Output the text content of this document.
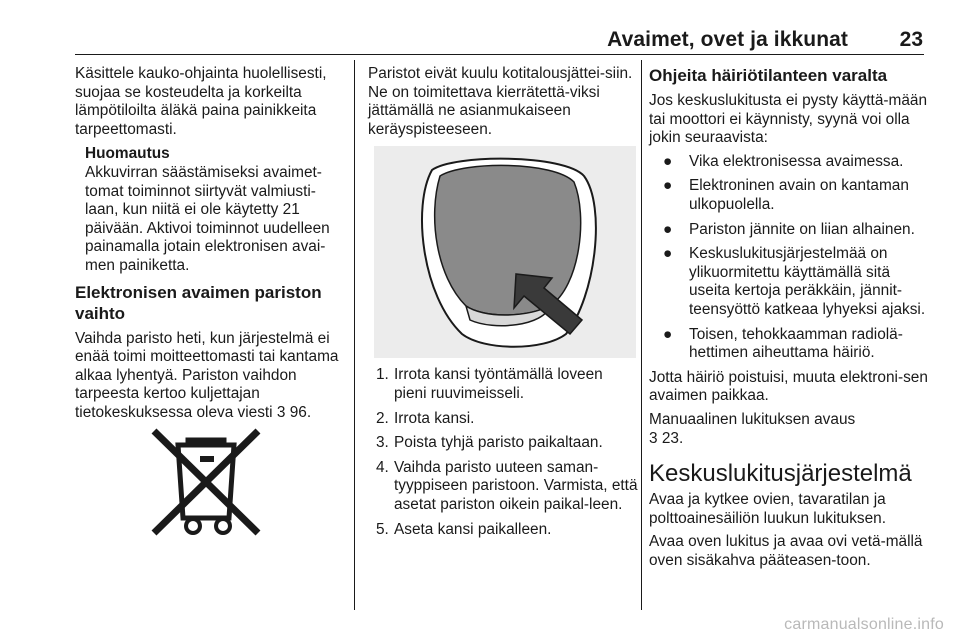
Avaimet, ovet ja ikkunat 23

Käsittele kauko-ohjainta huolellisesti, suojaa se kosteudelta ja korkeilta lämpötiloilta äläkä paina painikkeita tarpeettomasti.

Huomautus
Akkuvirran säästämiseksi avaimet-tomat toiminnot siirtyvät valmiusti-laan, kun niitä ei ole käytetty 21 päivään. Aktivoi toiminnot uudelleen painamalla jotain elektronisen avai-men painiketta.
Elektronisen avaimen pariston vaihto

Vaihda paristo heti, kun järjestelmä ei enää toimi moitteettomasti tai kantama alkaa lyhentyä. Pariston vaihdon tarpeesta kertoo kuljettajan tietokeskuksessa oleva viesti 3 96.

Paristot eivät kuulu kotitalousjättei-siin. Ne on toimitettava kierrätettä-viksi jättämällä ne asianmukaiseen keräyspisteeseen.

1. Irrota kansi työntämällä loveen pieni ruuvimeisseli.
2. Irrota kansi.
3. Poista tyhjä paristo paikaltaan.
4. Vaihda paristo uuteen saman-tyyppiseen paristoon. Varmista, että asetat pariston oikein paikal-leen.
5. Aseta kansi paikalleen.
Ohjeita häiriötilanteen varalta

Jos keskuslukitusta ei pysty käyttä-mään tai moottori ei käynnisty, syynä voi olla jokin seuraavista:

● Vika elektronisessa avaimessa.
● Elektroninen avain on kantaman ulkopuolella.
● Pariston jännite on liian alhainen.
● Keskuslukitusjärjestelmää on ylikuormitettu käyttämällä sitä useita kertoja peräkkäin, jännit-teensyöttö katkeaa lyhyeksi ajaksi.
● Toisen, tehokkaamman radiolä-hettimen aiheuttama häiriö.

Jotta häiriö poistuisi, muuta elektroni-sen avaimen paikkaa.

Manuaalinen lukituksen avaus
3 23.

Keskuslukitusjärjestelmä

Avaa ja kytkee ovien, tavaratilan ja polttoainesäiliön luukun lukituksen.

Avaa oven lukitus ja avaa ovi vetä-mällä oven sisäkahva pääteasen-toon.

carmanualsonline.info
